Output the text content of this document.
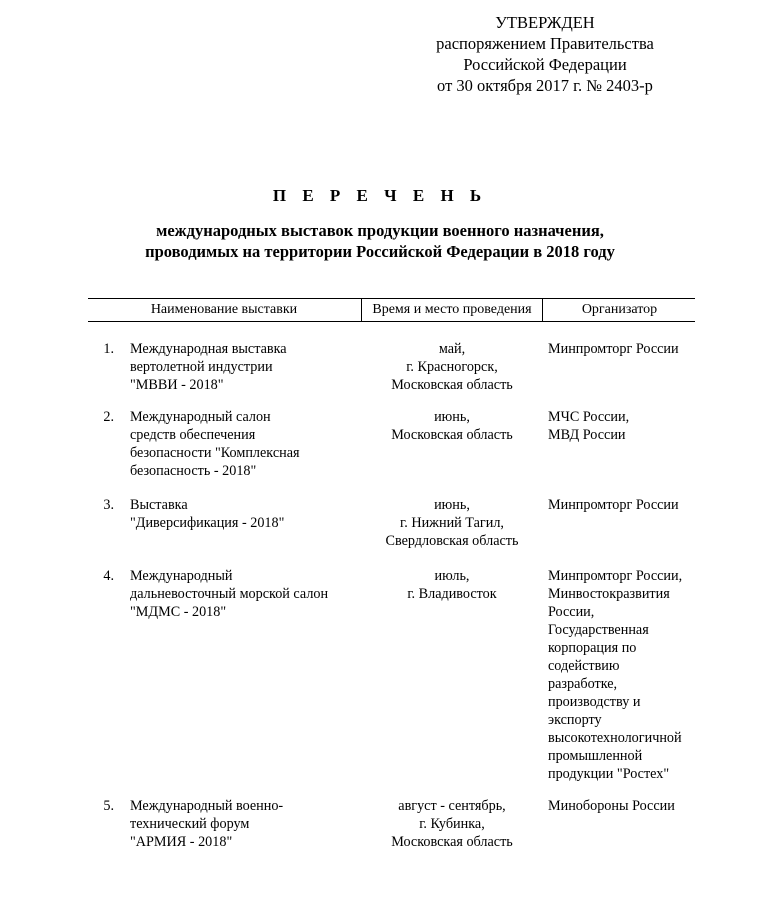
УТВЕРЖДЕН
распоряжением Правительства
Российской Федерации
от 30 октября 2017 г. № 2403-р
П Е Р Е Ч Е Н Ь
международных выставок продукции военного назначения,
проводимых на территории Российской Федерации в 2018 году
Наименование выставки	Время и место проведения	Организатор
1. Международная выставка
вертолетной индустрии
"МВВИ - 2018"
май,
г. Красногорск,
Московская область
Минпромторг России
2. Международный салон
средств обеспечения
безопасности "Комплексная
безопасность - 2018"
июнь,
Московская область
МЧС России,
МВД России
3. Выставка
"Диверсификация - 2018"
июнь,
г. Нижний Тагил,
Свердловская область
Минпромторг России
4. Международный
дальневосточный морской салон
"МДМС - 2018"
июль,
г. Владивосток
Минпромторг России,
Минвостокразвития
России,
Государственная
корпорация по
содействию
разработке,
производству и
экспорту
высокотехнологичной
промышленной
продукции "Ростех"
5. Международный военно-
технический форум
"АРМИЯ - 2018"
август - сентябрь,
г. Кубинка,
Московская область
Минобороны России
